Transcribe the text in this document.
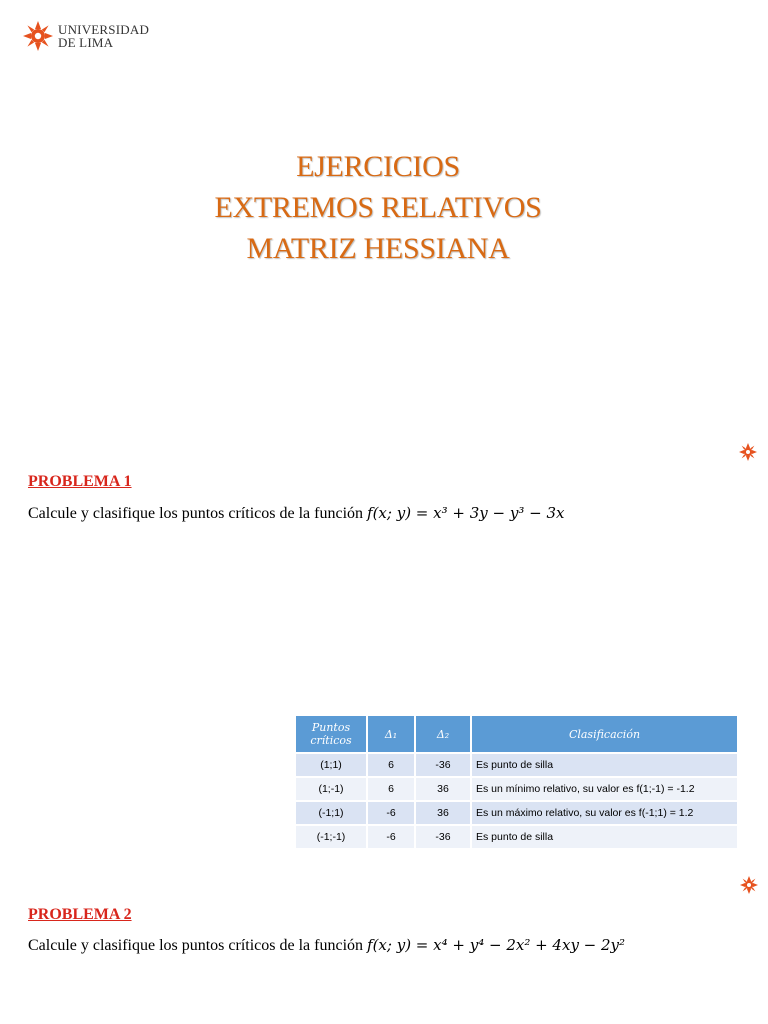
UNIVERSIDAD
DE LIMA
EJERCICIOS
EXTREMOS RELATIVOS
MATRIZ HESSIANA
PROBLEMA 1
Calcule y clasifique los puntos críticos de la función f(x; y) = x³ + 3y − y³ − 3x
Puntos
críticos	Δ₁	Δ₂	Clasificación
(1;1)	6	-36	Es punto de silla
(1;-1)	6	36	Es un mínimo relativo, su valor es f(1;-1) = -1.2
(-1;1)	-6	36	Es un máximo relativo, su valor es f(-1;1) = 1.2
(-1;-1)	-6	-36	Es punto de silla
PROBLEMA 2
Calcule y clasifique los puntos críticos de la función f(x; y) = x⁴ + y⁴ − 2x² + 4xy − 2y²
